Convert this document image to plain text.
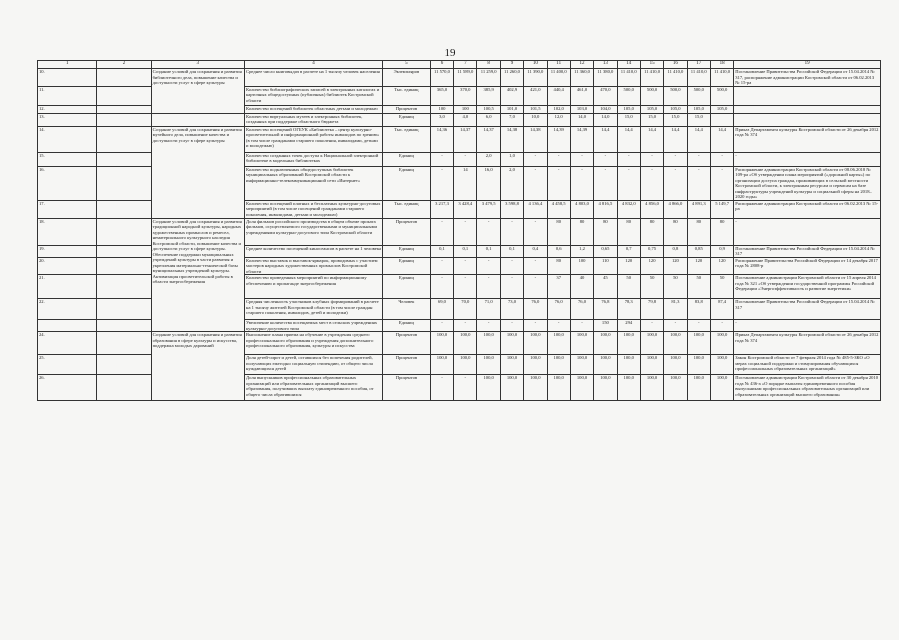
19
1	2	3	4	5	6	7	8	9	10	11	12	13	14	15	16	17	18	19
10.		Создание условий для сохранения и развития библиотечного дела, повышение качества и доступности услуг в сфере культуры	Среднее число книговыдач в расчете на 1 тысячу человек населения	Экземпляров	11 570,0	11 589,0	11 259,0	11 260,0	11 390,0	11 400,0	11 360,0	11 380,0	11 410,0	11 410,0	11 410,0	11 410,0	11 410,0	Постановление Правительства Российской Федерации от 15.04.2014 № 317, распоряжение администрации Костромской области от 06.02.2013 № 15-ра
11.			Количество библиографических записей в электронных каталогах и карточных общедоступных (публичных) библиотек Костромской области	Тыс. единиц	365,0	370,0	385,9	402,9	421,0	440,4	461,0	470,0	500,0	500,0	500,0	500,0	500,0	
12.			Количество посещений библиотек областных детьми и молодежью	Процентов	100	100	100,5	101,0	101,5	102,0	103,0	104,0	105,0	105,0	105,0	105,0	105,0	
13.			Количество виртуальных музеев и электронных библиотек, созданных при поддержке областного бюджета	Единиц	3,0	4,0	6,0	7,0	10,0	12,0	14,0	14,0	15,0	15,0	15,0	15,0		
14.		Создание условий для сохранения и развития музейного дела, повышение качества и доступности услуг в сфере культуры	Количество посещений ОГБУК «Библиотека – центр культурно-просветительной и информационной работы инвалидов по зрению» (в том числе гражданами старшего поколения, инвалидами, детьми и молодежью)	Тыс. единиц	14,36	14,37	14,37	14,38	14,38	14,39	14,39	14,4	14,4	14,4	14,4	14,4	14,4	Приказ Департамента культуры Костромской области от 26 декабря 2012 года № 374
15.			Количество созданных точек доступа к Национальной электронной библиотеке в модельных библиотеках	Единиц	-	-	2,0	1,0	-	-	-	-	-	-	-	-	-	-
16.			Количество подключенных общедоступных библиотек муниципальных образований Костромской области к информационно-телекоммуникационной сети «Интернет»	Единиц	-	14	16,0	2,0	-	-	-	-	-	-	-	-	-	Распоряжение администрации Костромской области от 08.06.2018 № 109-ра «Об утверждении плана мероприятий («дорожной карты») по организации доступа граждан, проживающих в сельской местности Костромской области, к электронным ресурсам и сервисам на базе инфраструктуры учреждений культуры и социальной сферы на 2018–2020 годы»
17.			Количество посещений платных и бесплатных культурно-досуговых мероприятий (в том числе посещений гражданами старшего поколения, инвалидами, детьми и молодежью)	Тыс. единиц	3 217,3	3 428,4	3 479,5	3 598,8	4 136,4	4 458,5	4 803,0	4 816,5	4 832,0	4 856,0	4 866,0	4 891,3	5 149,7	Распоряжение администрации Костромской области от 06.02.2013 № 15-ра
18.		Создание условий для сохранения и развития традиционной народной культуры, народных художественных промыслов и ремесел, нематериального культурного наследия Костромской области, повышение качества и доступности услуг в сфере культуры. Обеспечение поддержки муниципальных учреждений культуры в части развития и укрепления материально-технической базы муниципальных учреждений культуры. Активизация просветительской работы в области энергосбережения	Доля фильмов российского производства в общем объеме проката фильмов, осуществляемого государственными и муниципальными учреждениями культурно-досугового типа Костромской области	Процентов	-	-	-	-	-	80	80	80	80	80	80	80	80	-
19.			Среднее количество посещений киносеансов в расчете на 1 человека	Единиц	0,1	0,1	0,1	0,1	0,4	0,6	1,2	0,65	0,7	0,75	0,8	0,85	0,9	Постановление Правительства Российской Федерации от 15.04.2014 № 317
20.			Количество выставок и выставок-ярмарок, проводимых с участием мастеров народных художественных промыслов Костромской области	Единиц	-	-	-	-	-	80	100	110	120	120	120	120	120	Распоряжение Правительства Российской Федерации от 14 декабря 2017 года № 2808-р
21.			Количество проведенных мероприятий по информационному обеспечению и пропаганде энергосбережения	Единиц	-	-	-	-	-	37	40	45	50	50	50	50	50	Постановление администрации Костромской области от 15 апреля 2014 года № 321 «Об утверждении государственной программы Российской Федерации «Энергоэффективность и развитие энергетики»
22.			Средняя численность участников клубных формирований в расчете на 1 тысячу жителей Костромской области (в том числе граждан старшего поколения, инвалидов, детей и молодежи)	Человек	69,0	70,0	71,0	73,0	76,0	76,0	76,0	76,8	78,3	79,8	81,3	83,8	87,4	Постановление Правительства Российской Федерации от 15.04.2014 № 317
			Увеличение количества посещаемых мест в сельских учреждениях культурно-досугового типа	Единиц	-	-	-	-	-	-	-	150	294	-	-	-	-	-
24.		Создание условий для сохранения и развития образования в сфере культуры и искусства, поддержка молодых дарований	Выполнение плана приема на обучение в учреждения среднего профессионального образования и учреждения дополнительного профессионального образования, культуры и искусства	Процентов	100,0	100,0	100,0	100,0	100,0	100,0	100,0	100,0	100,0	100,0	100,0	100,0	100,0	Приказ Департамента культуры Костромской области от 26 декабря 2012 года № 374
25.			Доля детей-сирот и детей, оставшихся без попечения родителей, получающих ежегодно социальную стипендию, от общего числа нуждающихся детей	Процентов	100,0	100,0	100,0	100,0	100,0	100,0	100,0	100,0	100,0	100,0	100,0	100,0	100,0	Закон Костромской области от 7 февраля 2014 года № 485-5-ЗКО «О мерах социальной поддержки и стимулирования обучающихся профессиональных образовательных организаций»
26.			Доля выпускников профессиональных образовательных организаций или образовательных организаций высшего образования, получивших выплату единовременного пособия, от общего числа обратившихся	Процентов	-	-	100,0	100,0	100,0	100,0	100,0	100,0	100,0	100,0	100,0	100,0	100,0	Постановление администрации Костромской области от 30 декабря 2010 года № 436-а «О порядке выплаты единовременного пособия выпускникам профессиональных образовательных организаций или образовательных организаций высшего образования»
